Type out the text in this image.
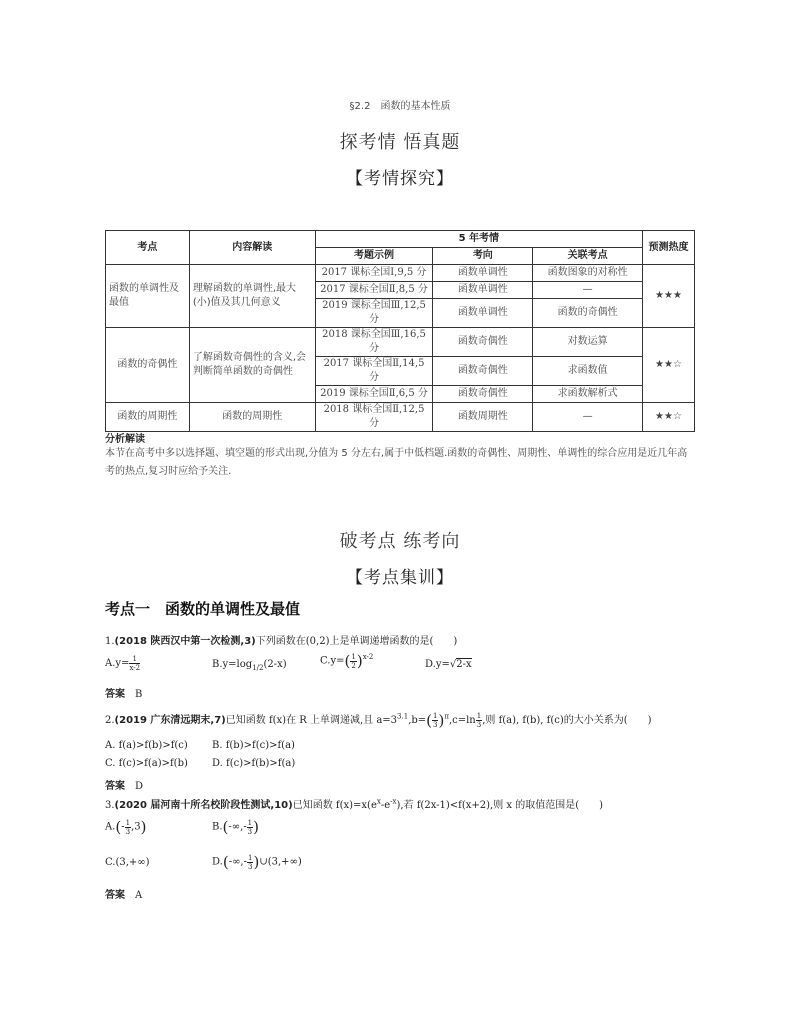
§2.2　函数的基本性质
探考情 悟真题
【考情探究】
考点	内容解读	5 年考情			预测热度
		考题示例	考向	关联考点	
函数的单调性及最值	理解函数的单调性,最大(小)值及其几何意义	2017 课标全国Ⅰ,9,5 分	函数单调性	函数图象的对称性	★★★
		2017 课标全国Ⅱ,8,5 分	函数单调性	—	
		2019 课标全国Ⅲ,12,5 分	函数单调性	函数的奇偶性	
函数的奇偶性	了解函数奇偶性的含义,会判断简单函数的奇偶性	2018 课标全国Ⅲ,16,5 分	函数奇偶性	对数运算	★★☆
		2017 课标全国Ⅱ,14,5 分	函数奇偶性	求函数值	
		2019 课标全国Ⅱ,6,5 分	函数奇偶性	求函数解析式	
函数的周期性	函数的周期性	2018 课标全国Ⅱ,12,5 分	函数周期性	—	★★☆
分析解读
本节在高考中多以选择题、填空题的形式出现,分值为 5 分左右,属于中低档题.函数的奇偶性、周期性、单调性的综合应用是近几年高考的热点,复习时应给予关注.
破考点 练考向
【考点集训】
考点一　函数的单调性及最值
1.(2018 陕西汉中第一次检测,3)下列函数在(0,2)上是单调递增函数的是(　　)
$A.y= \frac{1}{x-2}$	$B.y=\log_{1/2}(2-x)$	$C.y=( \frac{1}{2} )^{x-2}$
D.y=√2-x
答案 B
2.(2019 广东清远期末,7)已知函数 f(x)在 R 上单调递减,且 $a=3^{3.1},b=( \frac{1}{3} )^\pi,c=\ln \frac{1}{3}$ ,则 f(a), f(b), f(c)的大小关系为(　　)
A. f(a)>f(b)>f(c) B. f(b)>f(c)>f(a)
C. f(c)>f(a)>f(b) D. f(c)>f(b)>f(a)
答案 D
3.(2020 届河南十所名校阶段性测试,10)已知函数 $f(x)=x(e^x-e^{-x})$,若 f(2x-1)<f(x+2),则 x 的取值范围是(　　)
$A.(- \frac{1}{3} ,3)$	$B.(-\infty,- \frac{1}{3}$ )
C.(3,+∞)	$D.(-\infty,- \frac{1}{3}$ )∪(3,+∞)
答案 A
